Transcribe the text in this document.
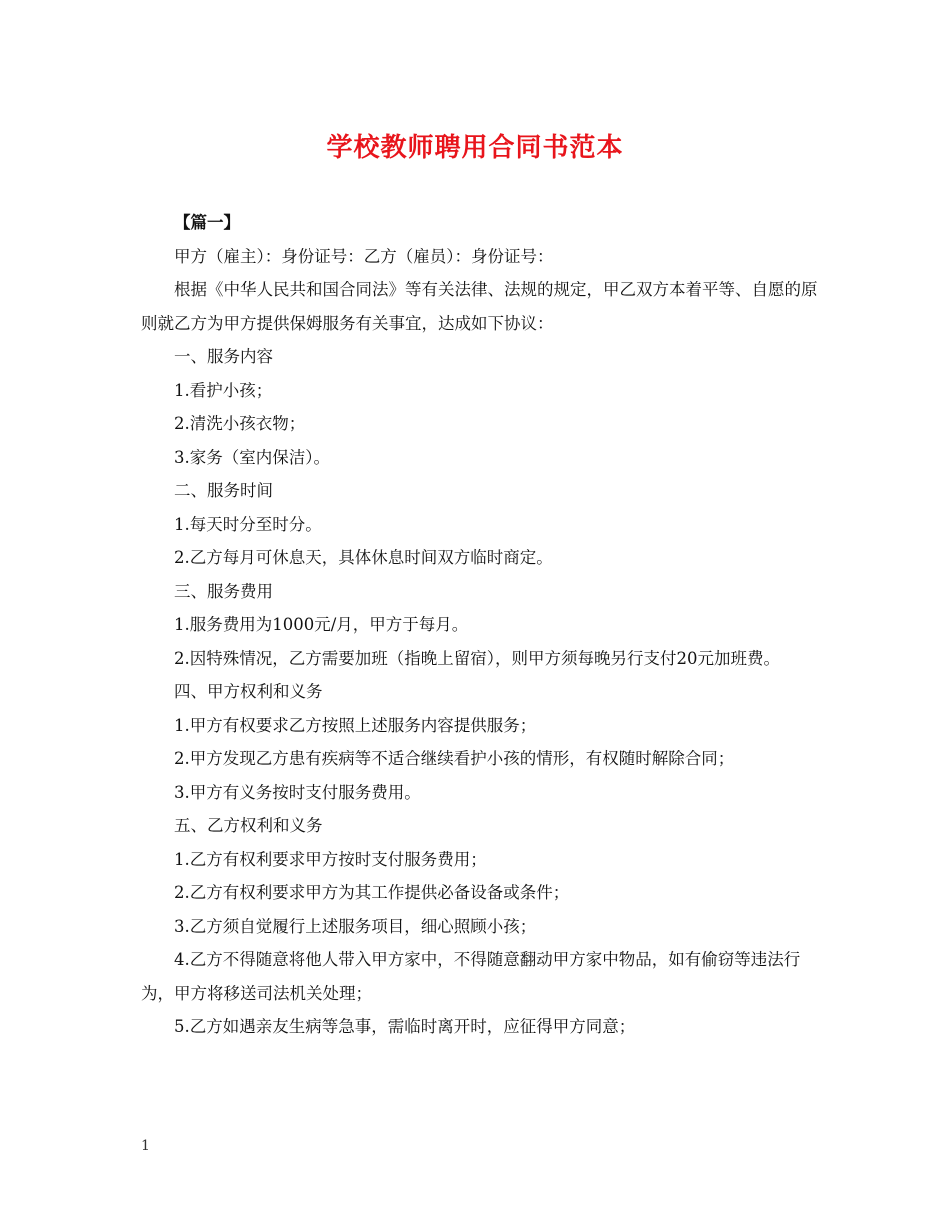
学校教师聘用合同书范本

【篇一】

甲方（雇主）：身份证号：乙方（雇员）：身份证号：

根据《中华人民共和国合同法》等有关法律、法规的规定，甲乙双方本着平等、自愿的原则就乙方为甲方提供保姆服务有关事宜，达成如下协议：

一、服务内容

1.看护小孩；

2.清洗小孩衣物；

3.家务（室内保洁）。

二、服务时间

1.每天时分至时分。

2.乙方每月可休息天，具体休息时间双方临时商定。

三、服务费用

1.服务费用为1000元/月，甲方于每月。

2.因特殊情况，乙方需要加班（指晚上留宿），则甲方须每晚另行支付20元加班费。

四、甲方权利和义务

1.甲方有权要求乙方按照上述服务内容提供服务；

2.甲方发现乙方患有疾病等不适合继续看护小孩的情形，有权随时解除合同；

3.甲方有义务按时支付服务费用。

五、乙方权利和义务

1.乙方有权利要求甲方按时支付服务费用；

2.乙方有权利要求甲方为其工作提供必备设备或条件；

3.乙方须自觉履行上述服务项目，细心照顾小孩；

4.乙方不得随意将他人带入甲方家中，不得随意翻动甲方家中物品，如有偷窃等违法行为，甲方将移送司法机关处理；

5.乙方如遇亲友生病等急事，需临时离开时，应征得甲方同意；

1
